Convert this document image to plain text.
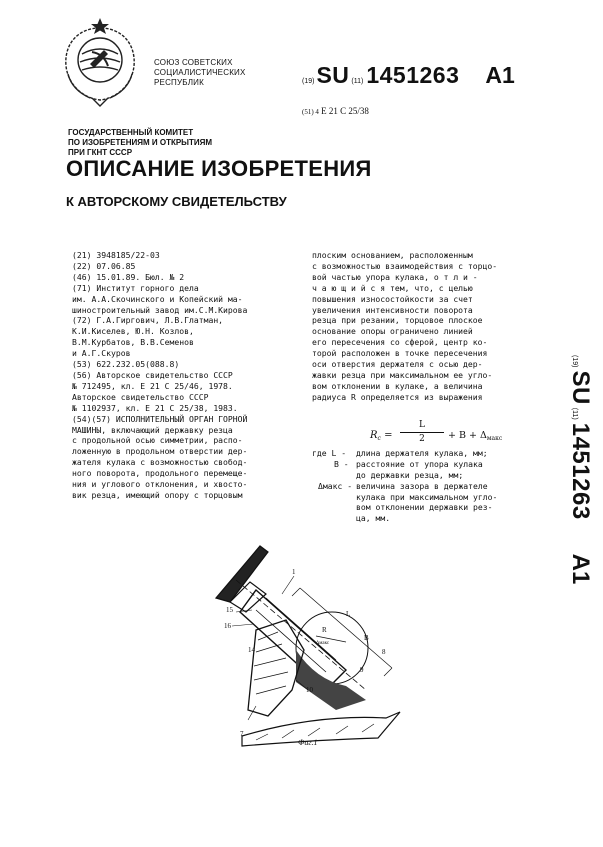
СОЮЗ СОВЕТСКИХ
СОЦИАЛИСТИЧЕСКИХ
РЕСПУБЛИК	(19) SU (11) 1451263 A1
(51) 4 E 21 C 25/38
ГОСУДАРСТВЕННЫЙ КОМИТЕТ
ПО ИЗОБРЕТЕНИЯМ И ОТКРЫТИЯМ
ПРИ ГКНТ СССР
ОПИСАНИЕ ИЗОБРЕТЕНИЯ
К АВТОРСКОМУ СВИДЕТЕЛЬСТВУ
(21) 3948185/22-03
(22) 07.06.85
(46) 15.01.89. Бюл. № 2
(71) Институт горного дела
им. А.А.Скочинского и Копейский ма-
шиностроительный завод им.С.М.Кирова
(72) Г.А.Гиргович, Л.В.Глатман,
К.И.Киселев, Ю.Н. Козлов,
В.М.Курбатов, В.В.Семенов
и А.Г.Скуров
(53) 622.232.05(088.8)
(56) Авторское свидетельство СССР
№ 712495, кл. Е 21 С 25/46, 1978.
Авторское свидетельство СССР
№ 1102937, кл. Е 21 С 25/38, 1983.
(54)(57) ИСПОЛНИТЕЛЬНЫЙ ОРГАН ГОРНОЙ
МАШИНЫ, включающий державку резца
с продольной осью симметрии, распо-
ложенную в продольном отверстии дер-
жателя кулака с возможностью свобод-
ного поворота, продольного перемеще-
ния и углового отклонения, и хвосто-
вик резца, имеющий опору с торцовым
плоским основанием, расположенным
с возможностью взаимодействия с торцо-
вой частью упора кулака, о т л и -
ч а ю щ и й с я тем, что, с целью
повышения износостойкости за счет
увеличения интенсивности поворота
резца при резании, торцовое плоское
основание опоры ограничено линией
его пересечения со сферой, центр ко-
торой расположен в точке пересечения
оси отверстия держателя с осью дер-
жавки резца при максимальном ее угло-
вом отклонении в кулаке, а величина
радиуса R определяется из выражения
$R_c$ =
L
2	+ $B + \Delta_{макс}$
где L - длина держателя кулака, мм;
B - расстояние от упора кулака
до державки резца, мм;
Δмакс - величина зазора в держателе
кулака при максимальном угло-
вом отклонении державки рез-
ца, мм.
(19)
SU
(11)
1451263
A1
1
15
16
14
L
B
R
Δмакс
8
9
10
7
Фиг.1
